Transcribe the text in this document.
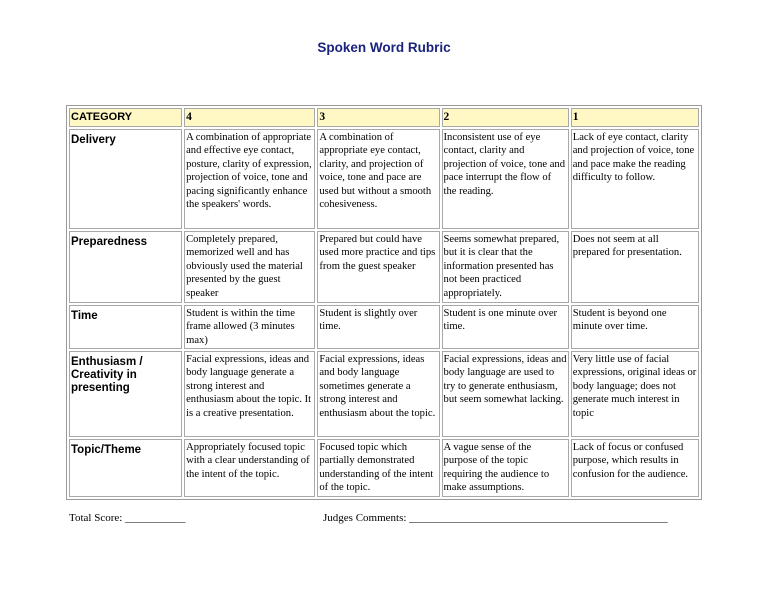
Spoken Word Rubric
CATEGORY	4	3	2	1
Delivery	A combination of appropriate and effective eye contact, posture, clarity of expression, projection of voice, tone and pacing significantly enhance the speakers' words.	A combination of appropriate eye contact, clarity, and projection of voice, tone and pace are used but without a smooth cohesiveness.	Inconsistent use of eye contact, clarity and projection of voice, tone and pace interrupt the flow of the reading.	Lack of eye contact, clarity and projection of voice, tone and pace make the reading difficulty to follow.
Preparedness	Completely prepared, memorized well and has obviously used the material presented by the guest speaker	Prepared but could have used more practice and tips from the guest speaker	Seems somewhat prepared, but it is clear that the information presented has not been practiced appropriately.	Does not seem at all prepared for presentation.
Time	Student is within the time frame allowed (3 minutes max)	Student is slightly over time.	Student is one minute over time.	Student is beyond one minute over time.
Enthusiasm / Creativity in presenting	Facial expressions, ideas and body language generate a strong interest and enthusiasm about the topic. It is a creative presentation.	Facial expressions, ideas and body language sometimes generate a strong interest and enthusiasm about the topic.	Facial expressions, ideas and body language are used to try to generate enthusiasm, but seem somewhat lacking.	Very little use of facial expressions, original ideas or body language; does not generate much interest in topic
Topic/Theme	Appropriately focused topic with a clear understanding of the intent of the topic.	Focused topic which partially demonstrated understanding of the intent of the topic.	A vague sense of the purpose of the topic requiring the audience to make assumptions.	Lack of focus or confused purpose, which results in confusion for the audience.
Total Score: ___________	Judges Comments: _______________________________________________
